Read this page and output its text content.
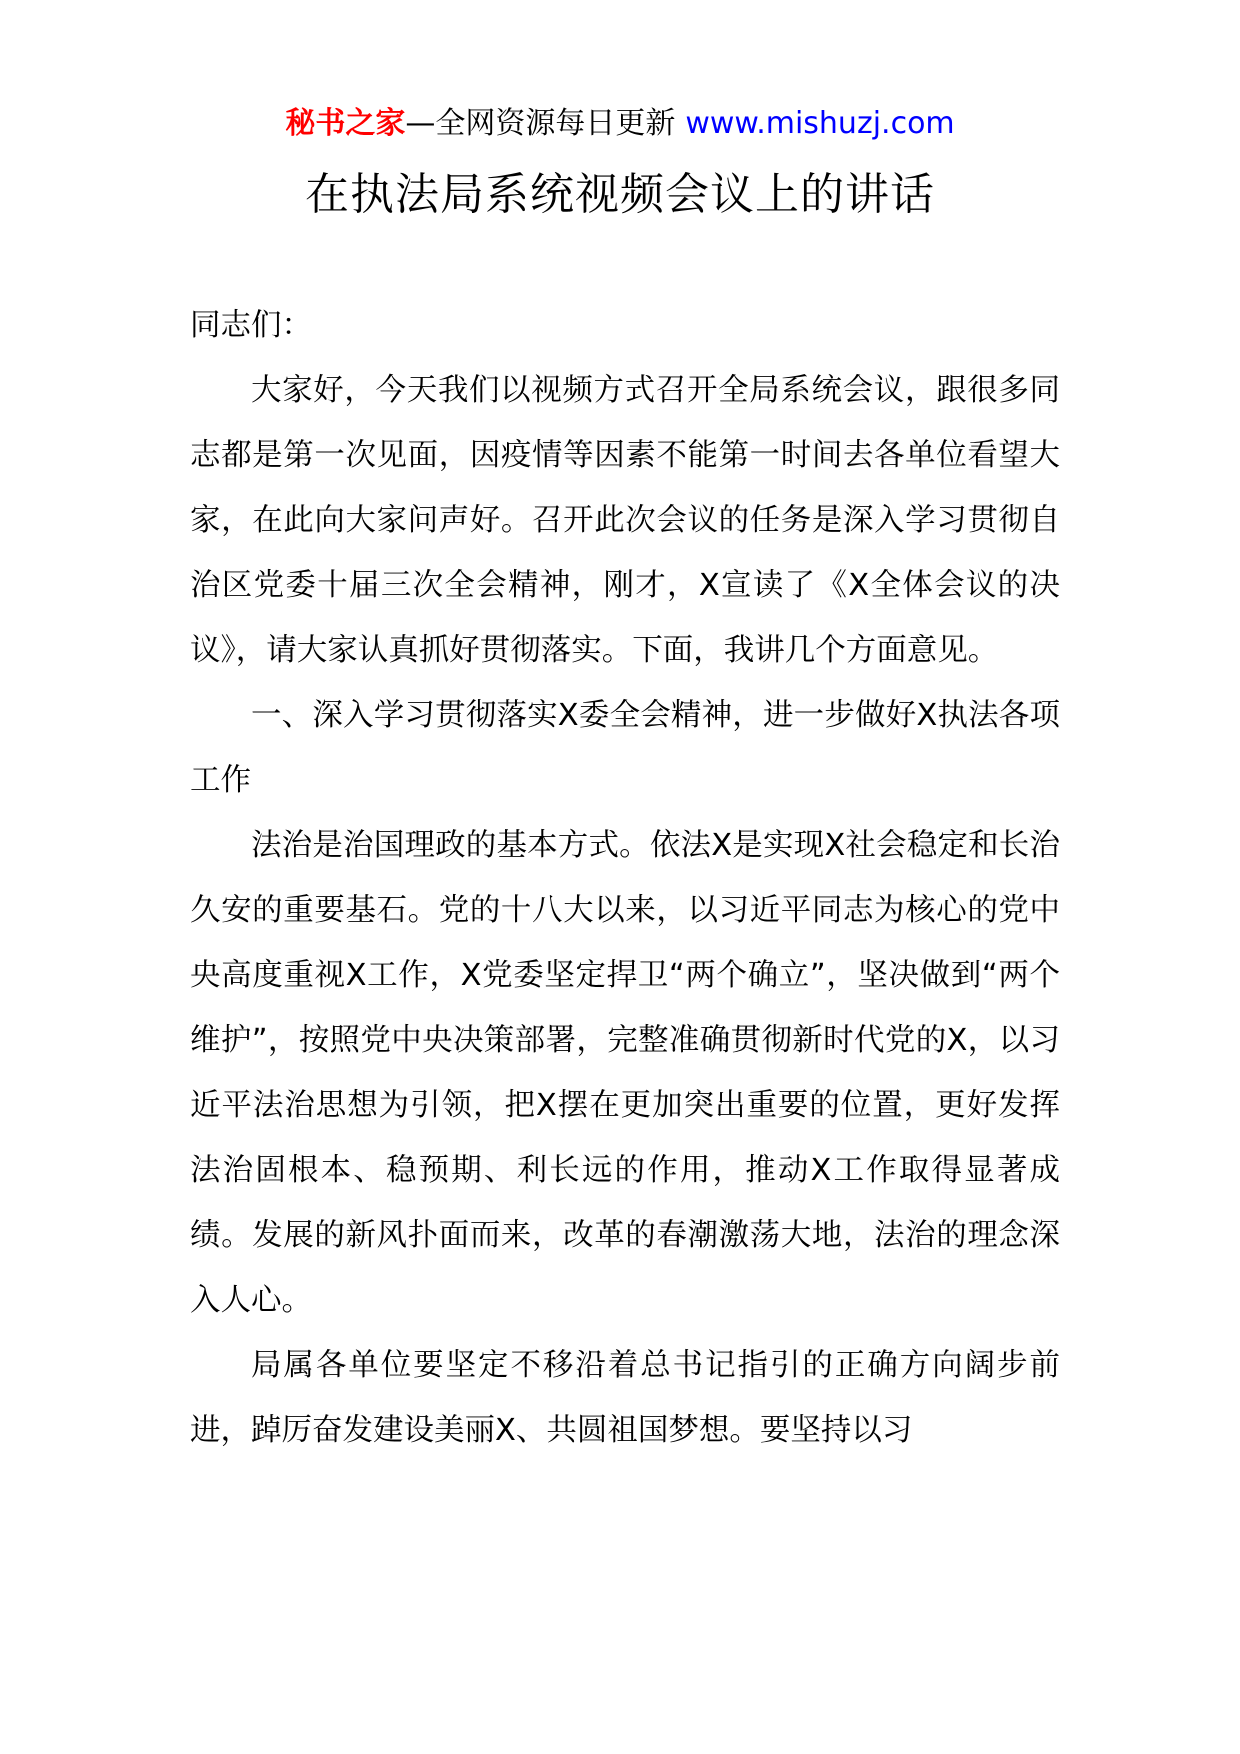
秘书之家—全网资源每日更新 www.mishuzj.com
在执法局系统视频会议上的讲话

同志们：

大家好，今天我们以视频方式召开全局系统会议，跟很多同志都是第一次见面，因疫情等因素不能第一时间去各单位看望大家，在此向大家问声好。召开此次会议的任务是深入学习贯彻自治区党委十届三次全会精神，刚才，X宣读了《X全体会议的决议》，请大家认真抓好贯彻落实。下面，我讲几个方面意见。

一、深入学习贯彻落实X委全会精神，进一步做好X执法各项工作

法治是治国理政的基本方式。依法X是实现X社会稳定和长治久安的重要基石。党的十八大以来，以习近平同志为核心的党中央高度重视X工作，X党委坚定捍卫“两个确立”，坚决做到“两个维护”，按照党中央决策部署，完整准确贯彻新时代党的X，以习近平法治思想为引领，把X摆在更加突出重要的位置，更好发挥法治固根本、稳预期、利长远的作用，推动X工作取得显著成绩。发展的新风扑面而来，改革的春潮激荡大地，法治的理念深入人心。

局属各单位要坚定不移沿着总书记指引的正确方向阔步前进，踔厉奋发建设美丽X、共圆祖国梦想。要坚持以习
